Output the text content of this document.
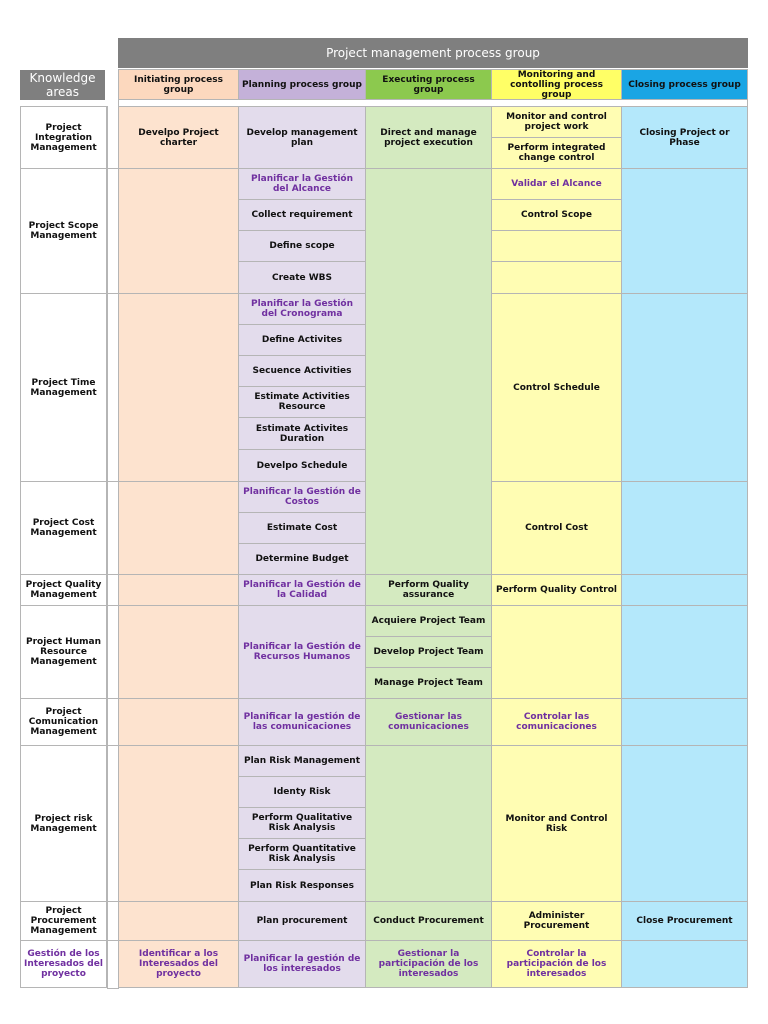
Project management process group
Knowledge areas
Initiating process group	Planning process group	Executing process group
Monitoring and contolling process group
Closing process group
Project Integration Management
Project Scope Management
Project Time Management
Project Cost Management
Project Quality Management
Project Human Resource Management
Project Comunication Management
Project risk Management
Project Procurement Management
Gestión de los Interesados del proyecto
Develpo Project charter
Identificar a los Interesados del proyecto
Develop management plan
Planificar la Gestión del Alcance
Collect requirement
Define scope
Create WBS
Planificar la Gestión del Cronograma
Define Activites
Secuence Activities
Estimate Activities Resource
Estimate Activites Duration
Develpo Schedule
Planificar la Gestión de Costos
Estimate Cost
Determine Budget
Planificar la Gestión de la Calidad
Planificar la Gestión de Recursos Humanos
Planificar la gestión de las comunicaciones
Plan Risk Management
Identy Risk
Perform Qualitative Risk Analysis
Perform Quantitative Risk Analysis
Plan Risk Responses
Plan procurement
Planificar la gestión de los interesados
Direct and manage project execution
Perform Quality assurance
Acquiere Project Team
Develop Project Team
Manage Project Team
Gestionar las comunicaciones
Conduct Procurement
Gestionar la participación de los interesados
Monitor and control project work
Perform integrated change control
Validar el Alcance
Control Scope
Control Schedule
Control Cost
Perform Quality Control
Controlar las comunicaciones
Monitor and Control Risk
Administer Procurement
Controlar la participación de los interesados
Closing Project or Phase
Close Procurement
